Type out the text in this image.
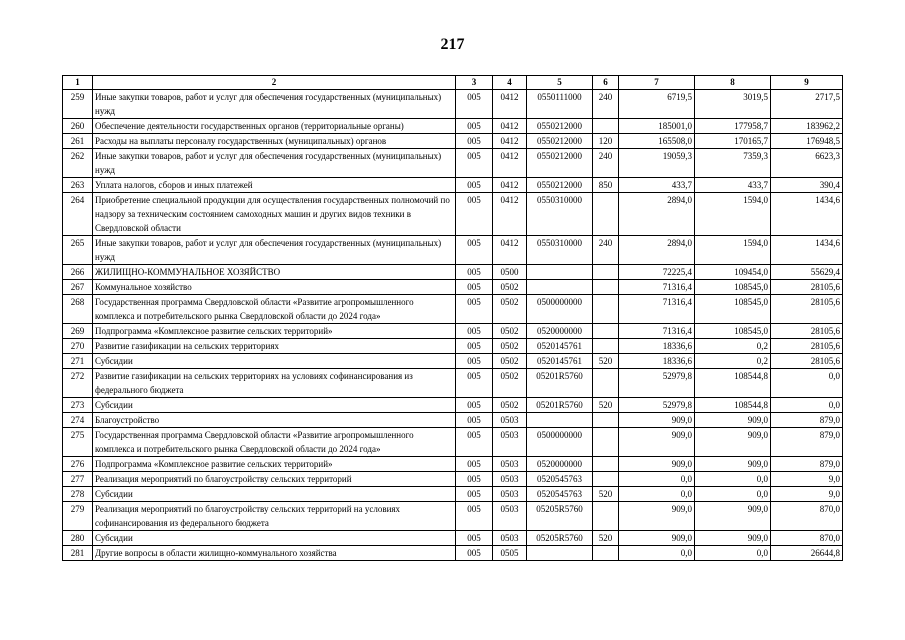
217
1	2	3	4	5	6	7	8	9
259	Иные закупки товаров, работ и услуг для обеспечения государственных (муниципальных) нужд	005	0412	0550111000	240	6719,5	3019,5	2717,5
260	Обеспечение деятельности государственных органов (территориальные органы)	005	0412	0550212000		185001,0	177958,7	183962,2
261	Расходы на выплаты персоналу государственных (муниципальных) органов	005	0412	0550212000	120	165508,0	170165,7	176948,5
262	Иные закупки товаров, работ и услуг для обеспечения государственных (муниципальных) нужд	005	0412	0550212000	240	19059,3	7359,3	6623,3
263	Уплата налогов, сборов и иных платежей	005	0412	0550212000	850	433,7	433,7	390,4
264	Приобретение специальной продукции для осуществления государственных полномочий по надзору за техническим состоянием самоходных машин и других видов техники в Свердловской области	005	0412	0550310000		2894,0	1594,0	1434,6
265	Иные закупки товаров, работ и услуг для обеспечения государственных (муниципальных) нужд	005	0412	0550310000	240	2894,0	1594,0	1434,6
266	ЖИЛИЩНО-КОММУНАЛЬНОЕ ХОЗЯЙСТВО	005	0500			72225,4	109454,0	55629,4
267	Коммунальное хозяйство	005	0502			71316,4	108545,0	28105,6
268	Государственная программа Свердловской области «Развитие агропромышленного комплекса и потребительского рынка Свердловской области до 2024 года»	005	0502	0500000000		71316,4	108545,0	28105,6
269	Подпрограмма «Комплексное развитие сельских территорий»	005	0502	0520000000		71316,4	108545,0	28105,6
270	Развитие газификации на сельских территориях	005	0502	0520145761		18336,6	0,2	28105,6
271	Субсидии	005	0502	0520145761	520	18336,6	0,2	28105,6
272	Развитие газификации на сельских территориях на условиях софинансирования из федерального бюджета	005	0502	05201R5760		52979,8	108544,8	0,0
273	Субсидии	005	0502	05201R5760	520	52979,8	108544,8	0,0
274	Благоустройство	005	0503			909,0	909,0	879,0
275	Государственная программа Свердловской области «Развитие агропромышленного комплекса и потребительского рынка Свердловской области до 2024 года»	005	0503	0500000000		909,0	909,0	879,0
276	Подпрограмма «Комплексное развитие сельских территорий»	005	0503	0520000000		909,0	909,0	879,0
277	Реализация мероприятий по благоустройству сельских территорий	005	0503	0520545763		0,0	0,0	9,0
278	Субсидии	005	0503	0520545763	520	0,0	0,0	9,0
279	Реализация мероприятий по благоустройству сельских территорий на условиях софинансирования из федерального бюджета	005	0503	05205R5760		909,0	909,0	870,0
280	Субсидии	005	0503	05205R5760	520	909,0	909,0	870,0
281	Другие вопросы в области жилищно-коммунального хозяйства	005	0505			0,0	0,0	26644,8
